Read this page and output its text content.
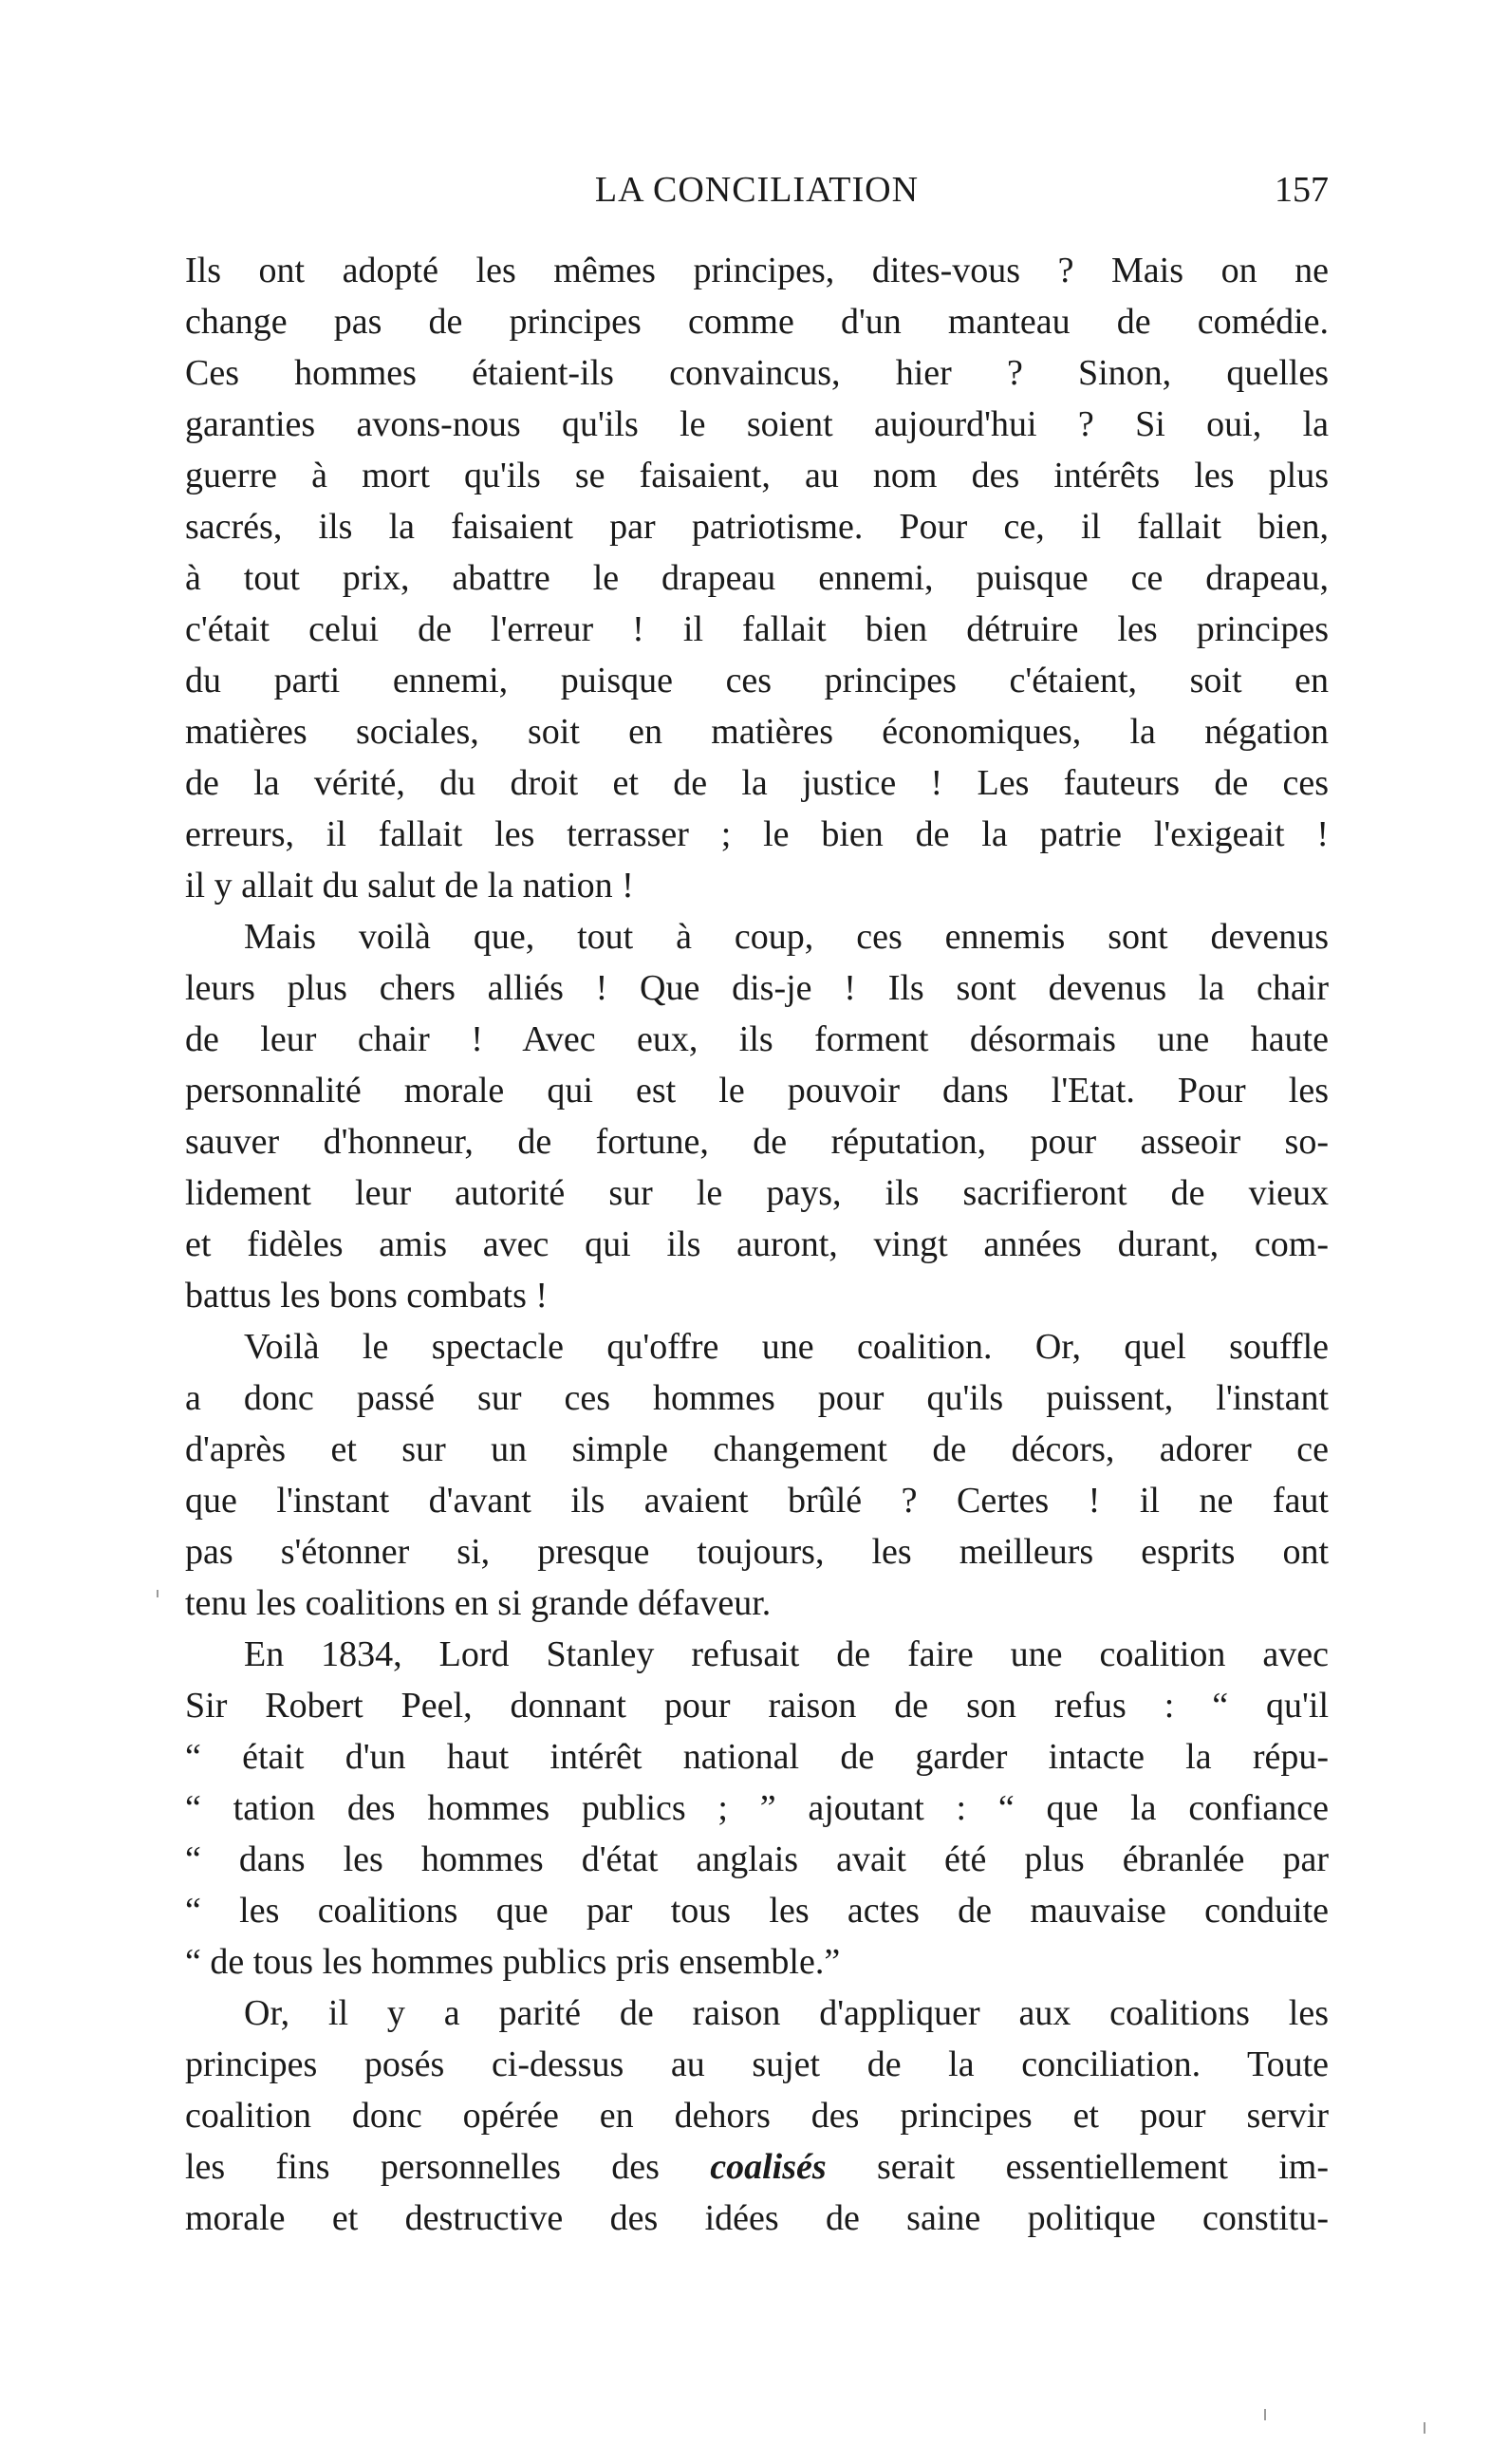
LA CONCILIATION	157
Ils ont adopté les mêmes principes, dites-vous ? Mais on ne
change pas de principes comme d'un manteau de comédie.
Ces hommes étaient-ils convaincus, hier ? Sinon, quelles
garanties avons-nous qu'ils le soient aujourd'hui ? Si oui, la
guerre à mort qu'ils se faisaient, au nom des intérêts les plus
sacrés, ils la faisaient par patriotisme. Pour ce, il fallait bien,
à tout prix, abattre le drapeau ennemi, puisque ce drapeau,
c'était celui de l'erreur ! il fallait bien détruire les principes
du parti ennemi, puisque ces principes c'étaient, soit en
matières sociales, soit en matières économiques, la négation
de la vérité, du droit et de la justice ! Les fauteurs de ces
erreurs, il fallait les terrasser ; le bien de la patrie l'exigeait !
il y allait du salut de la nation !
Mais voilà que, tout à coup, ces ennemis sont devenus
leurs plus chers alliés ! Que dis-je ! Ils sont devenus la chair
de leur chair ! Avec eux, ils forment désormais une haute
personnalité morale qui est le pouvoir dans l'Etat. Pour les
sauver d'honneur, de fortune, de réputation, pour asseoir so-
lidement leur autorité sur le pays, ils sacrifieront de vieux
et fidèles amis avec qui ils auront, vingt années durant, com-
battus les bons combats !
Voilà le spectacle qu'offre une coalition. Or, quel souffle
a donc passé sur ces hommes pour qu'ils puissent, l'instant
d'après et sur un simple changement de décors, adorer ce
que l'instant d'avant ils avaient brûlé ? Certes ! il ne faut
pas s'étonner si, presque toujours, les meilleurs esprits ont
tenu les coalitions en si grande défaveur.
En 1834, Lord Stanley refusait de faire une coalition avec
Sir Robert Peel, donnant pour raison de son refus : “ qu'il
“ était d'un haut intérêt national de garder intacte la répu-
“ tation des hommes publics ; ” ajoutant : “ que la confiance
“ dans les hommes d'état anglais avait été plus ébranlée par
“ les coalitions que par tous les actes de mauvaise conduite
“ de tous les hommes publics pris ensemble.”
Or, il y a parité de raison d'appliquer aux coalitions les
principes posés ci-dessus au sujet de la conciliation. Toute
coalition donc opérée en dehors des principes et pour servir
les fins personnelles des coalisés serait essentiellement im-
morale et destructive des idées de saine politique constitu-
